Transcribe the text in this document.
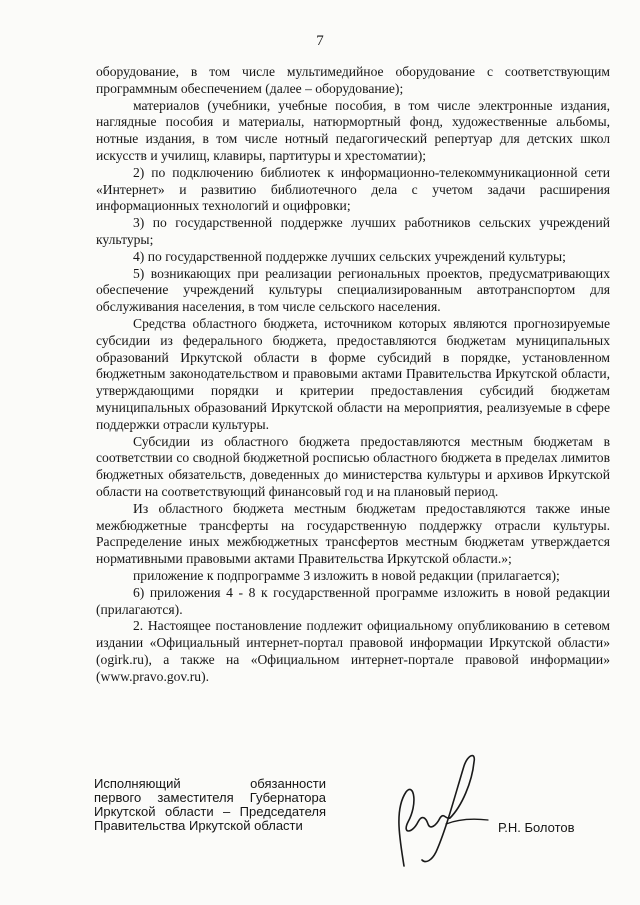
7

оборудование, в том числе мультимедийное оборудование с соответствующим программным обеспечением (далее – оборудование);

материалов (учебники, учебные пособия, в том числе электронные издания, наглядные пособия и материалы, натюрмортный фонд, художественные альбомы, нотные издания, в том числе нотный педагогический репертуар для детских школ искусств и училищ, клавиры, партитуры и хрестоматии);

2) по подключению библиотек к информационно-телекоммуникационной сети «Интернет» и развитию библиотечного дела с учетом задачи расширения информационных технологий и оцифровки;

3) по государственной поддержке лучших работников сельских учреждений культуры;

4) по государственной поддержке лучших сельских учреждений культуры;

5) возникающих при реализации региональных проектов, предусматривающих обеспечение учреждений культуры специализированным автотранспортом для обслуживания населения, в том числе сельского населения.

Средства областного бюджета, источником которых являются прогнозируемые субсидии из федерального бюджета, предоставляются бюджетам муниципальных образований Иркутской области в форме субсидий в порядке, установленном бюджетным законодательством и правовыми актами Правительства Иркутской области, утверждающими порядки и критерии предоставления субсидий бюджетам муниципальных образований Иркутской области на мероприятия, реализуемые в сфере поддержки отрасли культуры.

Субсидии из областного бюджета предоставляются местным бюджетам в соответствии со сводной бюджетной росписью областного бюджета в пределах лимитов бюджетных обязательств, доведенных до министерства культуры и архивов Иркутской области на соответствующий финансовый год и на плановый период.

Из областного бюджета местным бюджетам предоставляются также иные межбюджетные трансферты на государственную поддержку отрасли культуры. Распределение иных межбюджетных трансфертов местным бюджетам утверждается нормативными правовыми актами Правительства Иркутской области.»;

приложение к подпрограмме 3 изложить в новой редакции (прилагается);

6) приложения 4 - 8 к государственной программе изложить в новой редакции (прилагаются).

2. Настоящее постановление подлежит официальному опубликованию в сетевом издании «Официальный интернет-портал правовой информации Иркутской области» (ogirk.ru), а также на «Официальном интернет-портале правовой информации» (www.pravo.gov.ru).

Исполняющий обязанности
первого заместителя Губернатора
Иркутской области – Председателя
Правительства Иркутской области	Р.Н. Болотов
